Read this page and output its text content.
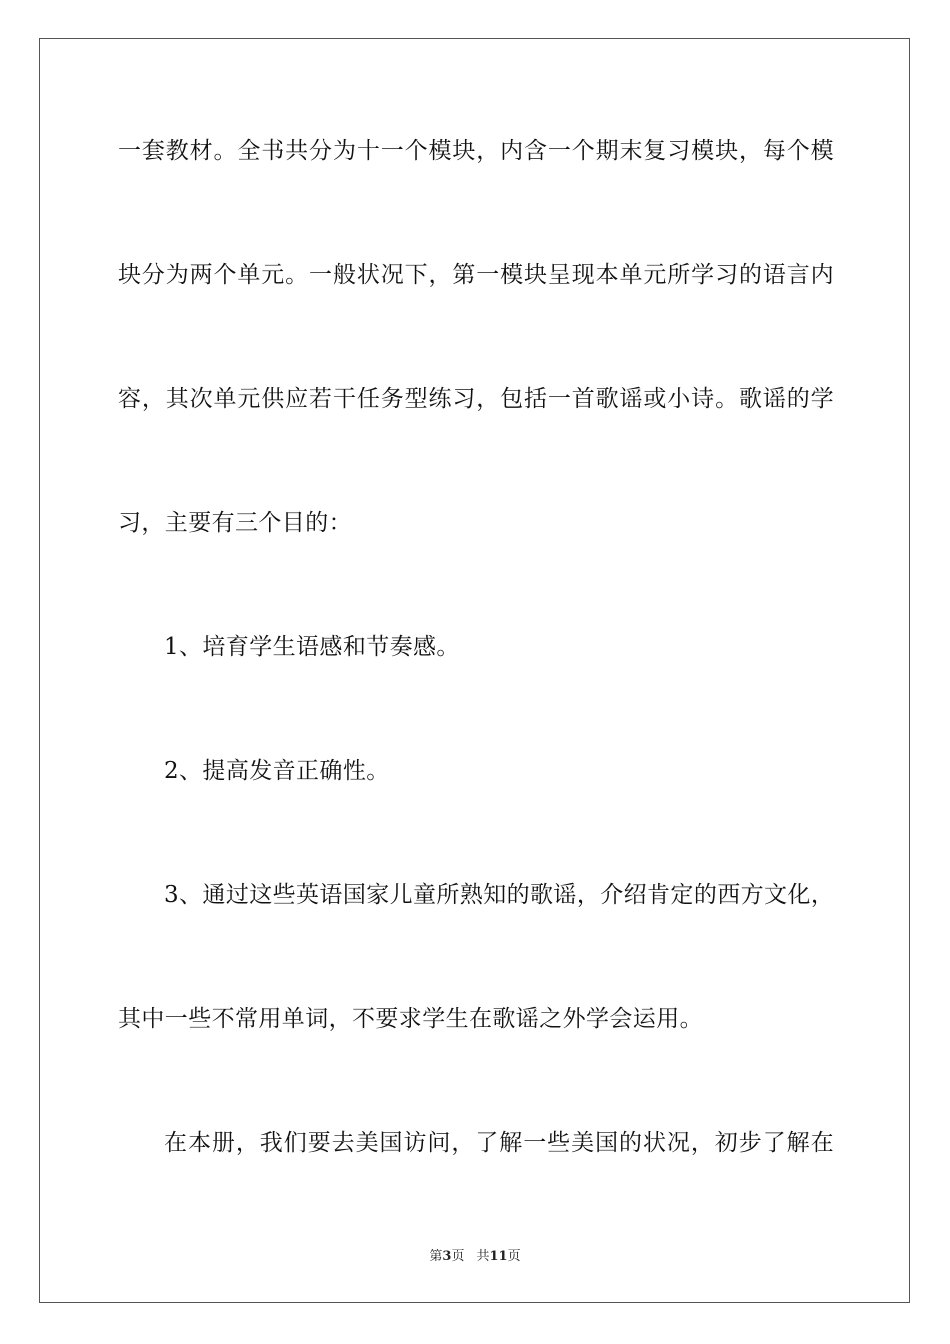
一套教材。全书共分为十一个模块，内含一个期末复习模块，每个模
块分为两个单元。一般状况下，第一模块呈现本单元所学习的语言内
容，其次单元供应若干任务型练习，包括一首歌谣或小诗。歌谣的学
习，主要有三个目的：
1、培育学生语感和节奏感。
2、提高发音正确性。
3、通过这些英语国家儿童所熟知的歌谣，介绍肯定的西方文化，
其中一些不常用单词，不要求学生在歌谣之外学会运用。
在本册，我们要去美国访问，了解一些美国的状况，初步了解在
第3页 共11页
